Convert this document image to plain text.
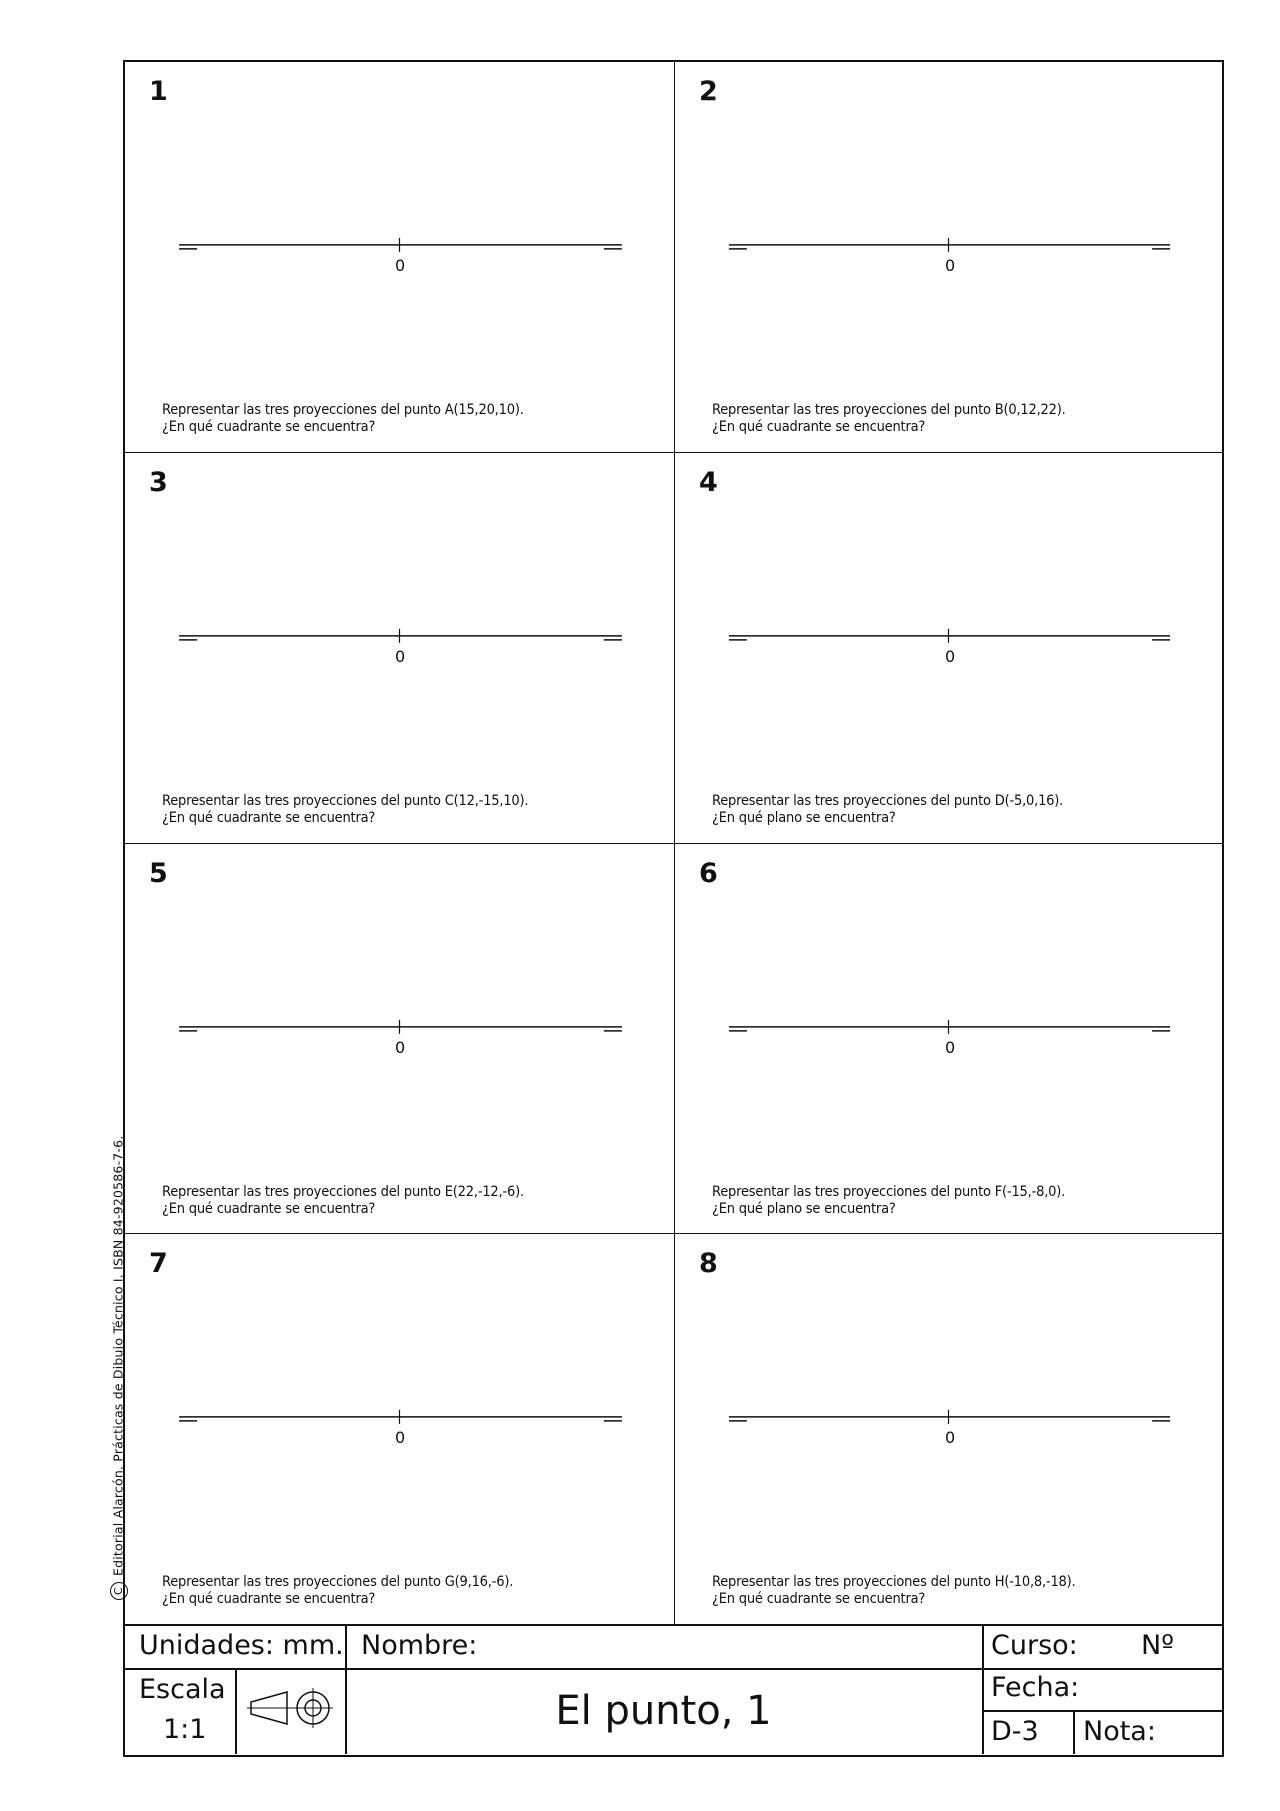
CEditorial Alarcón. Prácticas de Dibujo Técnico I. ISBN 84-920586-7-6.
1
0
Representar las tres proyecciones del punto A(15,20,10).
¿En qué cuadrante se encuentra?
2
0
Representar las tres proyecciones del punto B(0,12,22).
¿En qué cuadrante se encuentra?
3
0
Representar las tres proyecciones del punto C(12,-15,10).
¿En qué cuadrante se encuentra?
4
0
Representar las tres proyecciones del punto D(-5,0,16).
¿En qué plano se encuentra?
5
0
Representar las tres proyecciones del punto E(22,-12,-6).
¿En qué cuadrante se encuentra?
6
0
Representar las tres proyecciones del punto F(-15,-8,0).
¿En qué plano se encuentra?
7
0
Representar las tres proyecciones del punto G(9,16,-6).
¿En qué cuadrante se encuentra?
8
0
Representar las tres proyecciones del punto H(-10,8,-18).
¿En qué cuadrante se encuentra?
Unidades: mm. Nombre:	Curso: Nº
Escala
1:1	El punto, 1
Fecha:
D-3 Nota:
